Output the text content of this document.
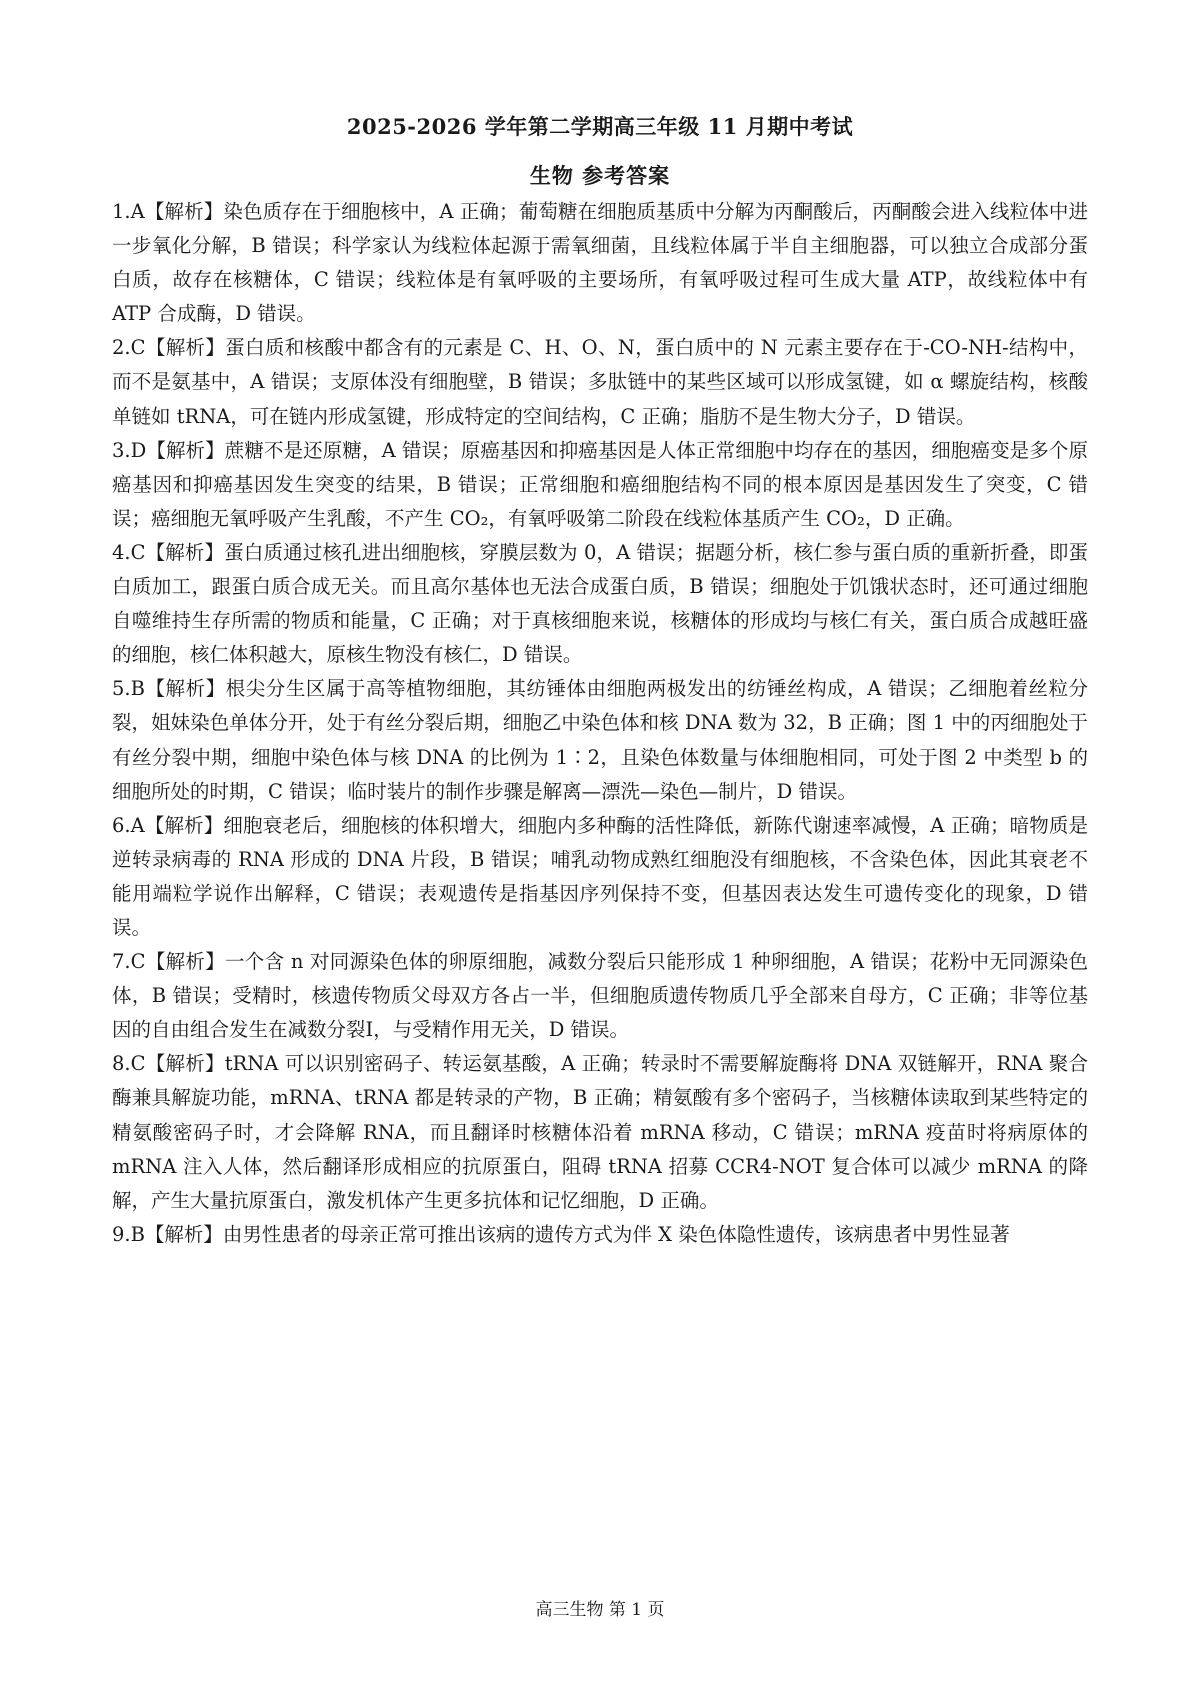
2025-2026 学年第二学期高三年级 11 月期中考试
生物 参考答案

1.A【解析】染色质存在于细胞核中，A 正确；葡萄糖在细胞质基质中分解为丙酮酸后，丙酮酸会进入线粒体中进一步氧化分解，B 错误；科学家认为线粒体起源于需氧细菌，且线粒体属于半自主细胞器，可以独立合成部分蛋白质，故存在核糖体，C 错误；线粒体是有氧呼吸的主要场所，有氧呼吸过程可生成大量 ATP，故线粒体中有 ATP 合成酶，D 错误。

2.C【解析】蛋白质和核酸中都含有的元素是 C、H、O、N，蛋白质中的 N 元素主要存在于-CO-NH-结构中，而不是氨基中，A 错误；支原体没有细胞壁，B 错误；多肽链中的某些区域可以形成氢键，如 α 螺旋结构，核酸单链如 tRNA，可在链内形成氢键，形成特定的空间结构，C 正确；脂肪不是生物大分子，D 错误。

3.D【解析】蔗糖不是还原糖，A 错误；原癌基因和抑癌基因是人体正常细胞中均存在的基因，细胞癌变是多个原癌基因和抑癌基因发生突变的结果，B 错误；正常细胞和癌细胞结构不同的根本原因是基因发生了突变，C 错误；癌细胞无氧呼吸产生乳酸，不产生 CO₂，有氧呼吸第二阶段在线粒体基质产生 CO₂，D 正确。

4.C【解析】蛋白质通过核孔进出细胞核，穿膜层数为 0，A 错误；据题分析，核仁参与蛋白质的重新折叠，即蛋白质加工，跟蛋白质合成无关。而且高尔基体也无法合成蛋白质，B 错误；细胞处于饥饿状态时，还可通过细胞自噬维持生存所需的物质和能量，C 正确；对于真核细胞来说，核糖体的形成均与核仁有关，蛋白质合成越旺盛的细胞，核仁体积越大，原核生物没有核仁，D 错误。

5.B【解析】根尖分生区属于高等植物细胞，其纺锤体由细胞两极发出的纺锤丝构成，A 错误；乙细胞着丝粒分裂，姐妹染色单体分开，处于有丝分裂后期，细胞乙中染色体和核 DNA 数为 32，B 正确；图 1 中的丙细胞处于有丝分裂中期，细胞中染色体与核 DNA 的比例为 1∶2，且染色体数量与体细胞相同，可处于图 2 中类型 b 的细胞所处的时期，C 错误；临时装片的制作步骤是解离—漂洗—染色—制片，D 错误。

6.A【解析】细胞衰老后，细胞核的体积增大，细胞内多种酶的活性降低，新陈代谢速率减慢，A 正确；暗物质是逆转录病毒的 RNA 形成的 DNA 片段，B 错误；哺乳动物成熟红细胞没有细胞核，不含染色体，因此其衰老不能用端粒学说作出解释，C 错误；表观遗传是指基因序列保持不变，但基因表达发生可遗传变化的现象，D 错误。

7.C【解析】一个含 n 对同源染色体的卵原细胞，减数分裂后只能形成 1 种卵细胞，A 错误；花粉中无同源染色体，B 错误；受精时，核遗传物质父母双方各占一半，但细胞质遗传物质几乎全部来自母方，C 正确；非等位基因的自由组合发生在减数分裂Ⅰ，与受精作用无关，D 错误。

8.C【解析】tRNA 可以识别密码子、转运氨基酸，A 正确；转录时不需要解旋酶将 DNA 双链解开，RNA 聚合酶兼具解旋功能，mRNA、tRNA 都是转录的产物，B 正确；精氨酸有多个密码子，当核糖体读取到某些特定的精氨酸密码子时，才会降解 RNA，而且翻译时核糖体沿着 mRNA 移动，C 错误；mRNA 疫苗时将病原体的 mRNA 注入人体，然后翻译形成相应的抗原蛋白，阻碍 tRNA 招募 CCR4-NOT 复合体可以减少 mRNA 的降解，产生大量抗原蛋白，激发机体产生更多抗体和记忆细胞，D 正确。

9.B【解析】由男性患者的母亲正常可推出该病的遗传方式为伴 X 染色体隐性遗传，该病患者中男性显著

高三生物 第 1 页
